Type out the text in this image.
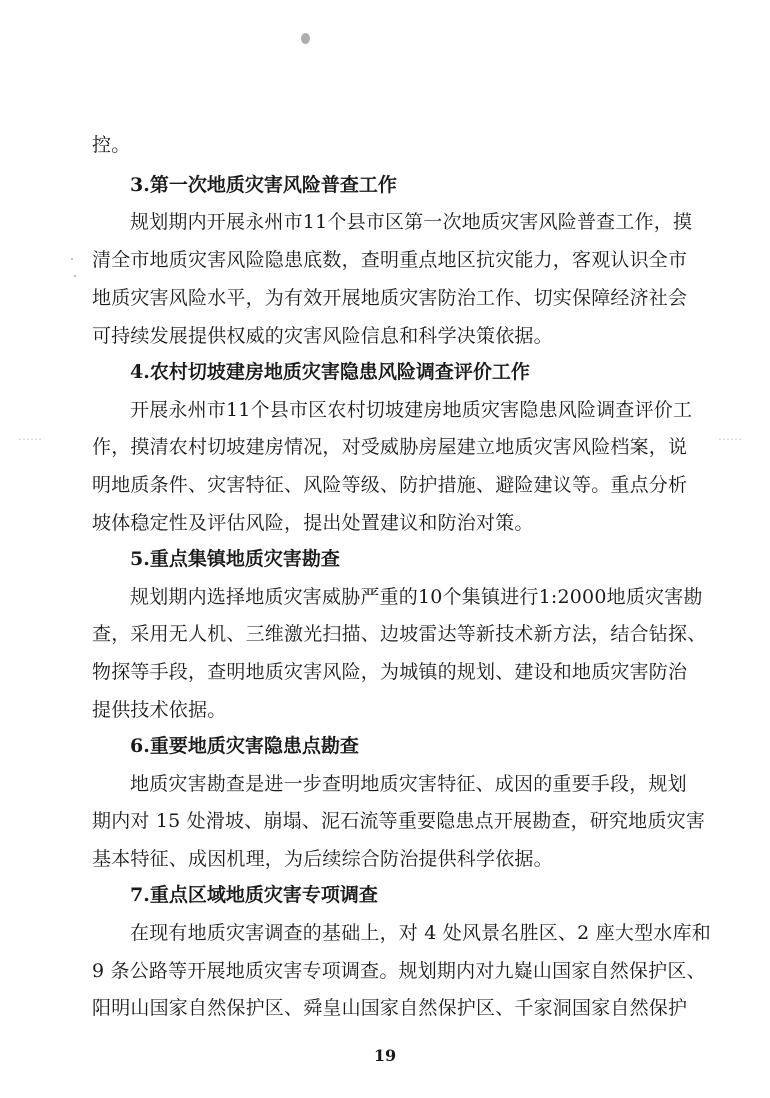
⋯⋯	⋯⋯
控。
3.第一次地质灾害风险普查工作
规划期内开展永州市11个县市区第一次地质灾害风险普查工作，摸
清全市地质灾害风险隐患底数，查明重点地区抗灾能力，客观认识全市
地质灾害风险水平，为有效开展地质灾害防治工作、切实保障经济社会
可持续发展提供权威的灾害风险信息和科学决策依据。
4.农村切坡建房地质灾害隐患风险调查评价工作
开展永州市11个县市区农村切坡建房地质灾害隐患风险调查评价工
作，摸清农村切坡建房情况，对受威胁房屋建立地质灾害风险档案，说
明地质条件、灾害特征、风险等级、防护措施、避险建议等。重点分析
坡体稳定性及评估风险，提出处置建议和防治对策。
5.重点集镇地质灾害勘查
规划期内选择地质灾害威胁严重的10个集镇进行1:2000地质灾害勘
查，采用无人机、三维激光扫描、边坡雷达等新技术新方法，结合钻探、
物探等手段，查明地质灾害风险，为城镇的规划、建设和地质灾害防治
提供技术依据。
6.重要地质灾害隐患点勘查
地质灾害勘查是进一步查明地质灾害特征、成因的重要手段，规划
期内对 15 处滑坡、崩塌、泥石流等重要隐患点开展勘查，研究地质灾害
基本特征、成因机理，为后续综合防治提供科学依据。
7.重点区域地质灾害专项调查
在现有地质灾害调查的基础上，对 4 处风景名胜区、2 座大型水库和
9 条公路等开展地质灾害专项调查。规划期内对九嶷山国家自然保护区、
阳明山国家自然保护区、舜皇山国家自然保护区、千家洞国家自然保护
19
